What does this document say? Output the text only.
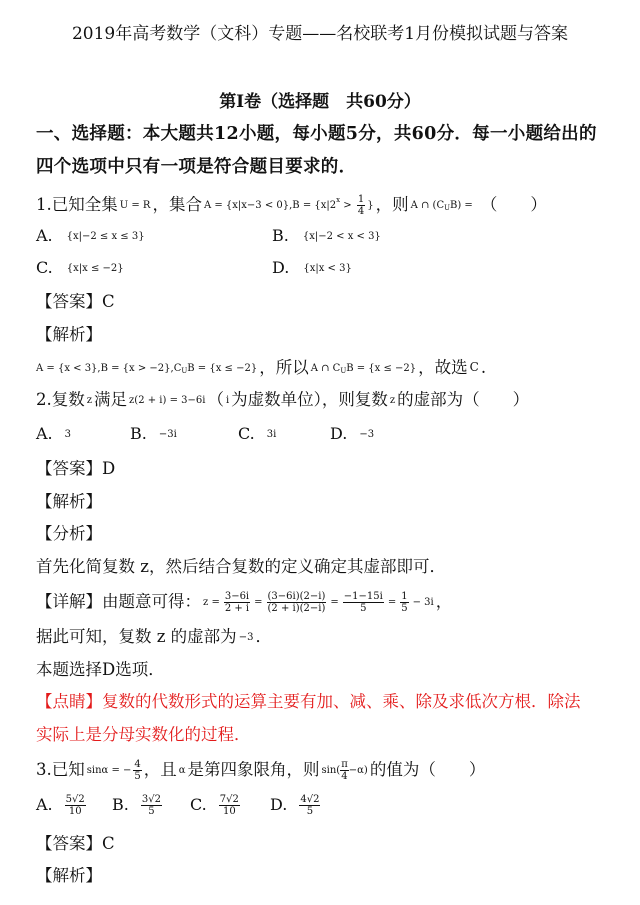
2019年高考数学（文科）专题——名校联考1月份模拟试题与答案
第Ⅰ卷（选择题　共60分）
一、选择题：本大题共12小题，每小题5分，共60分．每一小题给出的
四个选项中只有一项是符合题目要求的．
1.已知全集 U = R ，集合 $A = \{x|x-3 < 0\},B = \{x|2^x > \frac{1}{4}$ } ，则 A ∩ $(C_UB)$ = （　　）
A. {x|−2 ≤ x ≤ 3}	B. {x|−2 < x < 3}
C. {x|x ≤ −2}	D. {x|x < 3}
【答案】C
【解析】
$A = \{x < 3\},B = \{x > -2\},C_UB = \{x \le -2\}$ ，所以 A ∩ $C_UB = \{x \le -2\}$ ，故选 C .
2.复数 z 满足 z(2 + i) = 3−6i （ i 为虚数单位），则复数 z 的虚部为（　　）
A. 3	B. −3i	C. 3i	D. −3
【答案】D
【解析】
【分析】
首先化简复数 z，然后结合复数的定义确定其虚部即可．
【详解】由题意可得： $z = \frac{3-6i}{2 + i} = \frac{(3-6i)(2-i)}{(2 + i)(2-i)} = \frac{-1-15i}{5} = \frac{1}{5} - 3i$ ，
据此可知，复数 z 的虚部为 −3 ．
本题选择D选项．
【点睛】复数的代数形式的运算主要有加、减、乘、除及求低次方根．除法
实际上是分母实数化的过程．
3.已知 sinα = − $\frac{4}{5}$ ，且 α 是第四象限角，则 $\sin( \frac{\pi}{4} -\alpha)$ 的值为（　　）
A. $\frac{5√2}{10} B$. $\frac{3√2}{5} C$. $\frac{7√2}{10} D$. $\frac{4√2}{5}$
【答案】C
【解析】
